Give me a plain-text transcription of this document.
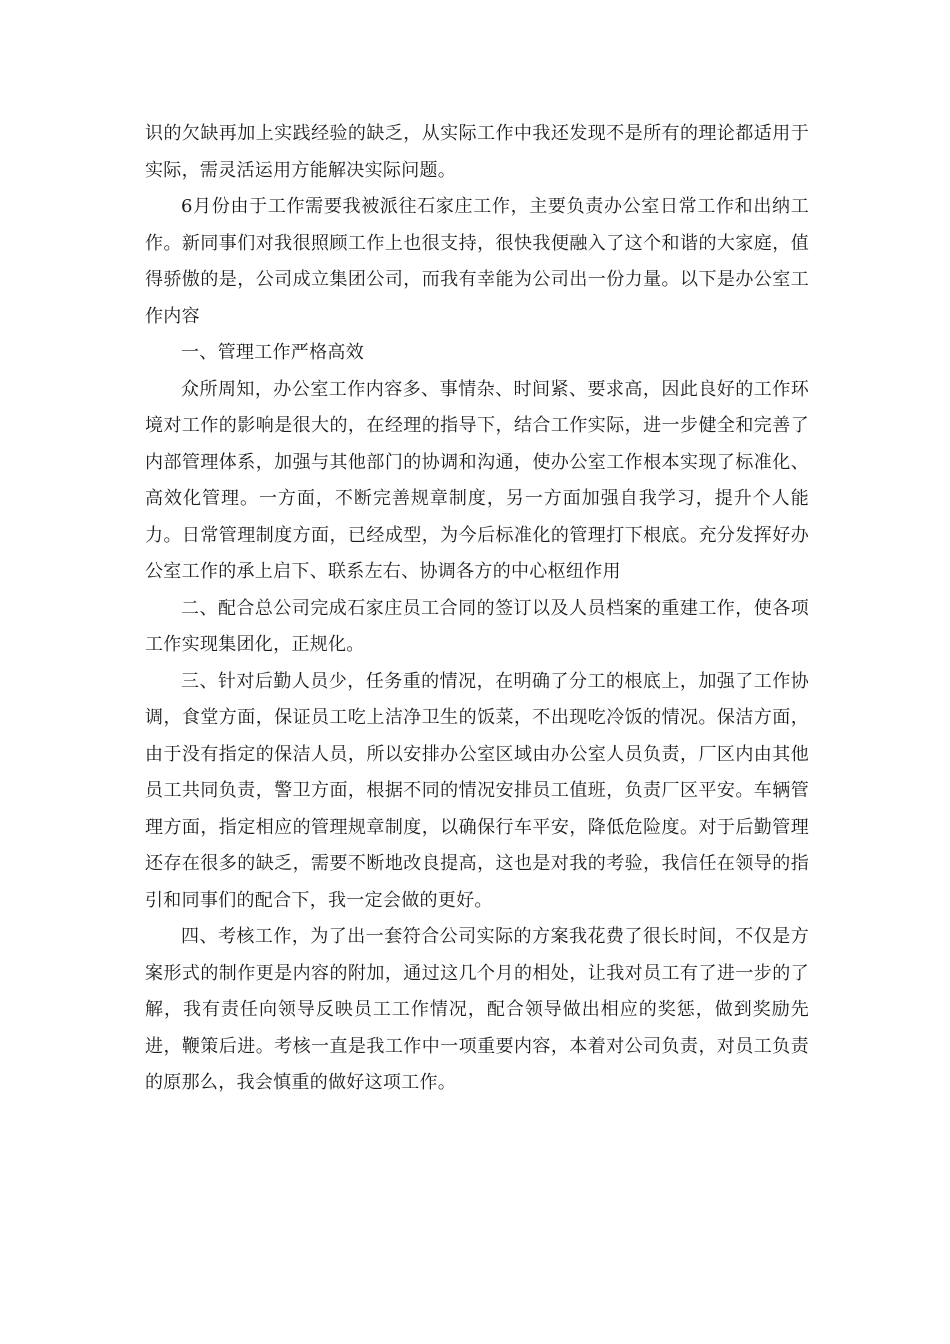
识的欠缺再加上实践经验的缺乏，从实际工作中我还发现不是所有的理论都适用于实际，需灵活运用方能解决实际问题。

6月份由于工作需要我被派往石家庄工作，主要负责办公室日常工作和出纳工作。新同事们对我很照顾工作上也很支持，很快我便融入了这个和谐的大家庭，值得骄傲的是，公司成立集团公司，而我有幸能为公司出一份力量。以下是办公室工作内容

一、管理工作严格高效

众所周知，办公室工作内容多、事情杂、时间紧、要求高，因此良好的工作环境对工作的影响是很大的，在经理的指导下，结合工作实际，进一步健全和完善了内部管理体系，加强与其他部门的协调和沟通，使办公室工作根本实现了标准化、高效化管理。一方面，不断完善规章制度，另一方面加强自我学习，提升个人能力。日常管理制度方面，已经成型，为今后标准化的管理打下根底。充分发挥好办公室工作的承上启下、联系左右、协调各方的中心枢纽作用

二、配合总公司完成石家庄员工合同的签订以及人员档案的重建工作，使各项工作实现集团化，正规化。

三、针对后勤人员少，任务重的情况，在明确了分工的根底上，加强了工作协调，食堂方面，保证员工吃上洁净卫生的饭菜，不出现吃冷饭的情况。保洁方面，由于没有指定的保洁人员，所以安排办公室区域由办公室人员负责，厂区内由其他员工共同负责，警卫方面，根据不同的情况安排员工值班，负责厂区平安。车辆管理方面，指定相应的管理规章制度，以确保行车平安，降低危险度。对于后勤管理还存在很多的缺乏，需要不断地改良提高，这也是对我的考验，我信任在领导的指引和同事们的配合下，我一定会做的更好。

四、考核工作，为了出一套符合公司实际的方案我花费了很长时间，不仅是方案形式的制作更是内容的附加，通过这几个月的相处，让我对员工有了进一步的了解，我有责任向领导反映员工工作情况，配合领导做出相应的奖惩，做到奖励先进，鞭策后进。考核一直是我工作中一项重要内容，本着对公司负责，对员工负责的原那么，我会慎重的做好这项工作。
